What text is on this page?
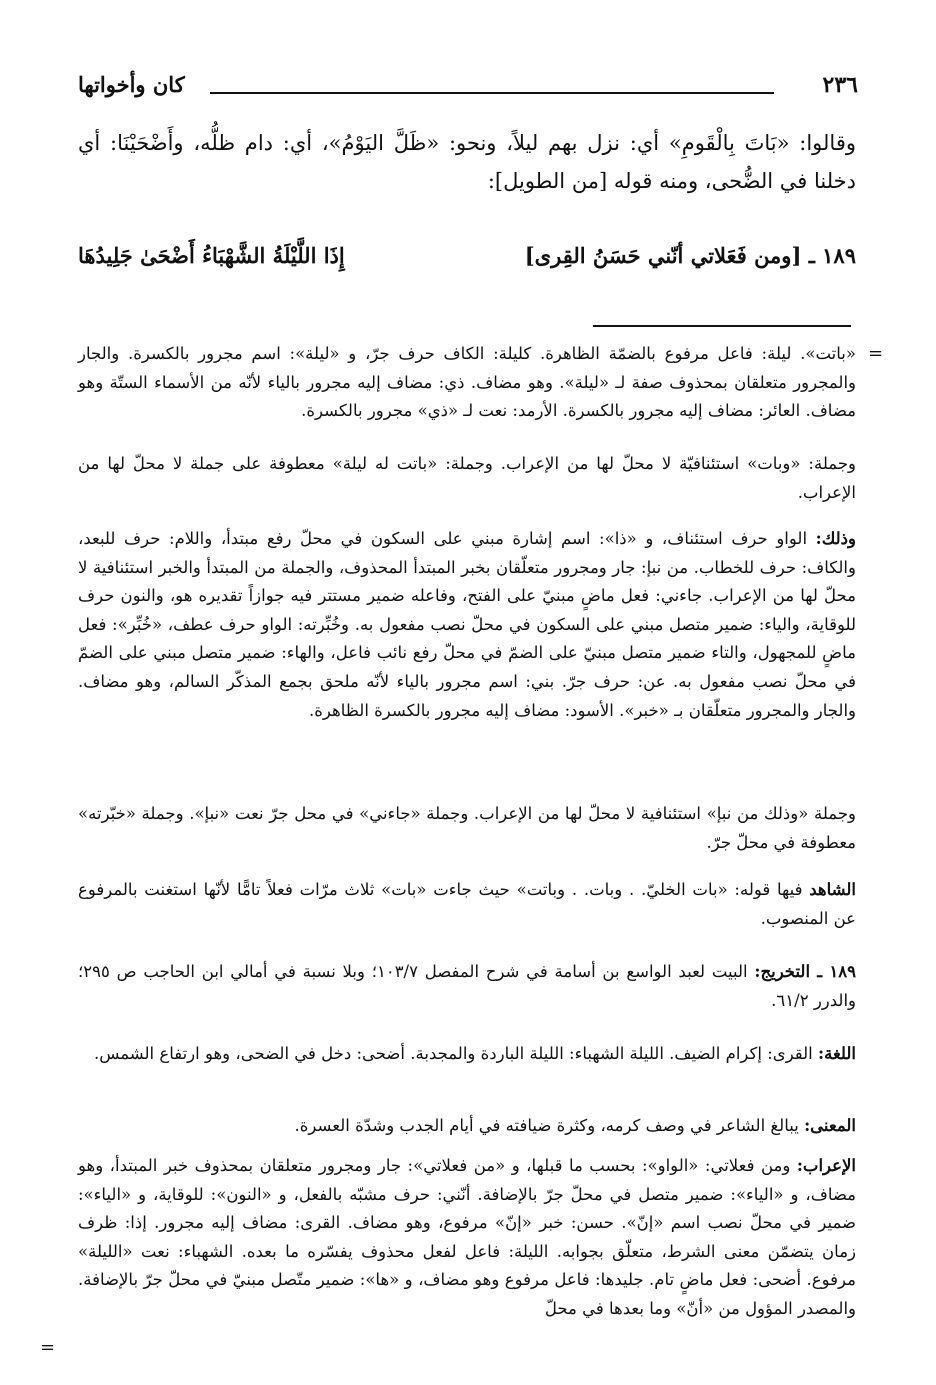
٢٣٦
كان وأخواتها

وقالوا: «بَاتَ بِالْقَومِ» أي: نزل بهم ليلاً، ونحو: «ظَلَّ اليَوْمُ»، أي: دام ظلُّه، وأَضْحَيْنَا: أي دخلنا في الضُّحى، ومنه قوله [من الطويل]:

١٨٩ ـ [ومن فَعَلاتي أنّني حَسَنُ القِرى]
إِذَا اللَّيْلَةُ الشَّهْبَاءُ أَضْحَىٰ جَلِيدُهَا
=

«باتت». ليلة: فاعل مرفوع بالضمّة الظاهرة. كليلة: الكاف حرف جرّ، و «ليلة»: اسم مجرور بالكسرة. والجار والمجرور متعلقان بمحذوف صفة لـ «ليلة». وهو مضاف. ذي: مضاف إليه مجرور بالياء لأنّه من الأسماء الستّة وهو مضاف. العائر: مضاف إليه مجرور بالكسرة. الأرمد: نعت لـ «ذي» مجرور بالكسرة.

وجملة: «وبات» استئنافيّة لا محلّ لها من الإعراب. وجملة: «باتت له ليلة» معطوفة على جملة لا محلّ لها من الإعراب.

وذلك: الواو حرف استئناف، و «ذا»: اسم إشارة مبني على السكون في محلّ رفع مبتدأ، واللام: حرف للبعد، والكاف: حرف للخطاب. من نبإ: جار ومجرور متعلّقان بخبر المبتدأ المحذوف، والجملة من المبتدأ والخبر استئنافية لا محلّ لها من الإعراب. جاءني: فعل ماضٍ مبنيّ على الفتح، وفاعله ضمير مستتر فيه جوازاً تقديره هو، والنون حرف للوقاية، والياء: ضمير متصل مبني على السكون في محلّ نصب مفعول به. وخُبِّرته: الواو حرف عطف، «خُبِّر»: فعل ماضٍ للمجهول، والتاء ضمير متصل مبنيّ على الضمّ في محلّ رفع نائب فاعل، والهاء: ضمير متصل مبني على الضمّ في محلّ نصب مفعول به. عن: حرف جرّ. بني: اسم مجرور بالياء لأنّه ملحق بجمع المذكّر السالم، وهو مضاف. والجار والمجرور متعلّقان بـ «خبر». الأسود: مضاف إليه مجرور بالكسرة الظاهرة.

وجملة «وذلك من نبإ» استئنافية لا محلّ لها من الإعراب. وجملة «جاءني» في محل جرّ نعت «نبإ». وجملة «خبّرته» معطوفة في محلّ جرّ.

الشاهد فيها قوله: «بات الخليّ. . وبات. . وباتت» حيث جاءت «بات» ثلاث مرّات فعلاً تامًّا لأنّها استغنت بالمرفوع عن المنصوب.

١٨٩ ـ التخريج: البيت لعبد الواسع بن أسامة في شرح المفصل ١٠٣/٧؛ وبلا نسبة في أمالي ابن الحاجب ص ٢٩٥؛ والدرر ٦١/٢.

اللغة: القرى: إكرام الضيف. الليلة الشهباء: الليلة الباردة والمجدبة. أضحى: دخل في الضحى، وهو ارتفاع الشمس.

المعنى: يبالغ الشاعر في وصف كرمه، وكثرة ضيافته في أيام الجدب وشدّة العسرة.

الإعراب: ومن فعلاتي: «الواو»: بحسب ما قبلها، و «من فعلاتي»: جار ومجرور متعلقان بمحذوف خبر المبتدأ، وهو مضاف، و «الياء»: ضمير متصل في محلّ جرّ بالإضافة. أنّني: حرف مشبّه بالفعل، و «النون»: للوقاية، و «الياء»: ضمير في محلّ نصب اسم «إنّ». حسن: خبر «إنّ» مرفوع، وهو مضاف. القرى: مضاف إليه مجرور. إذا: ظرف زمان يتضمّن معنى الشرط، متعلّق بجوابه. الليلة: فاعل لفعل محذوف يفسّره ما بعده. الشهباء: نعت «الليلة» مرفوع. أضحى: فعل ماضٍ تام. جليدها: فاعل مرفوع وهو مضاف، و «ها»: ضمير متّصل مبنيّ في محلّ جرّ بالإضافة. والمصدر المؤول من «أنّ» وما بعدها في محلّ

=
